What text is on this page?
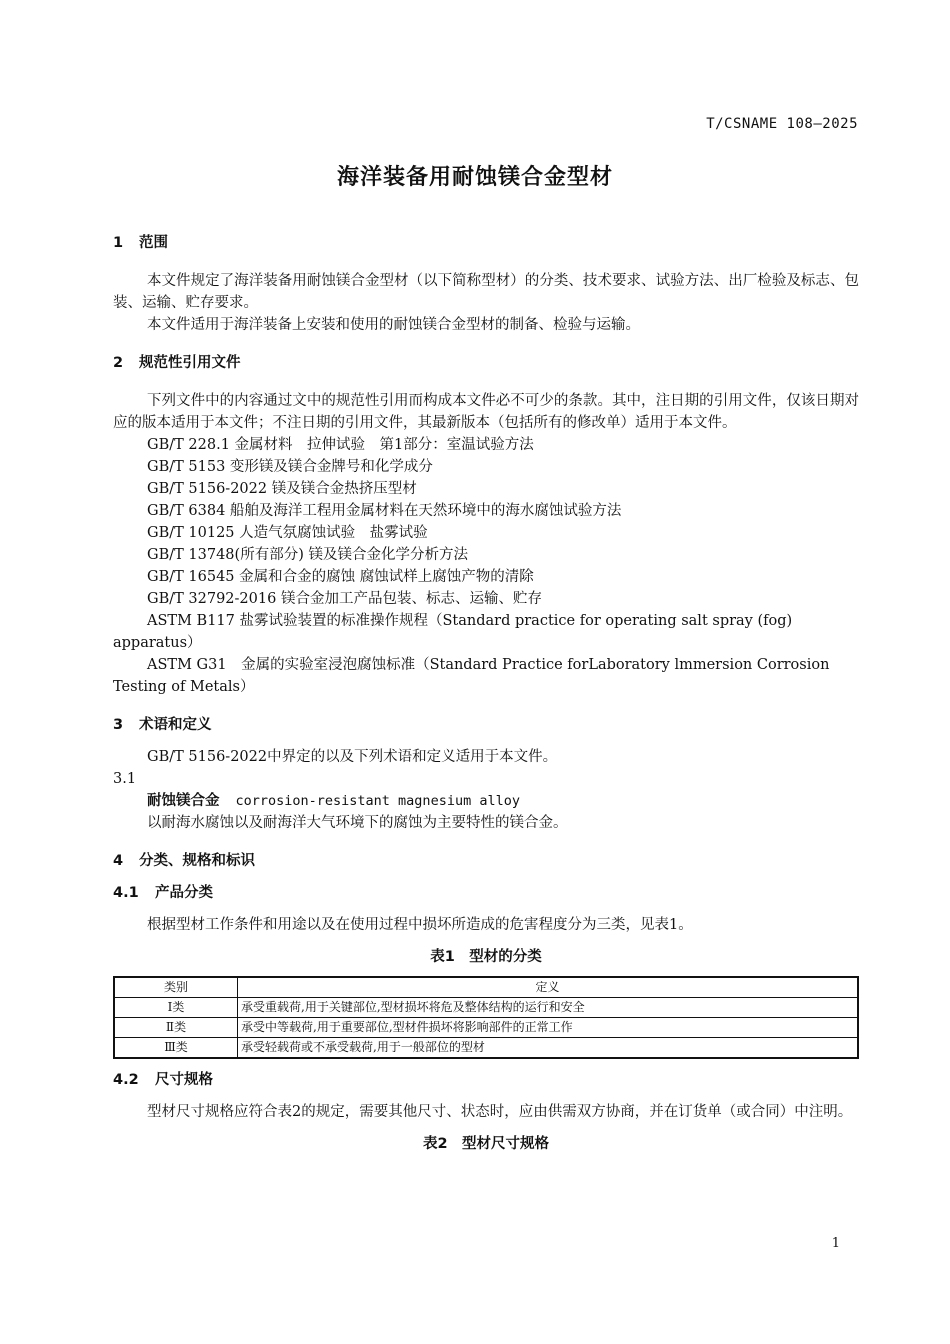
T/CSNAME 108—2025
海洋装备用耐蚀镁合金型材

1 范围

本文件规定了海洋装备用耐蚀镁合金型材（以下简称型材）的分类、技术要求、试验方法、出厂检验及标志、包装、运输、贮存要求。

本文件适用于海洋装备上安装和使用的耐蚀镁合金型材的制备、检验与运输。

2 规范性引用文件

下列文件中的内容通过文中的规范性引用而构成本文件必不可少的条款。其中，注日期的引用文件，仅该日期对应的版本适用于本文件；不注日期的引用文件，其最新版本（包括所有的修改单）适用于本文件。

GB/T 228.1 金属材料　拉伸试验　第1部分：室温试验方法

GB/T 5153 变形镁及镁合金牌号和化学成分

GB/T 5156-2022 镁及镁合金热挤压型材

GB/T 6384 船舶及海洋工程用金属材料在天然环境中的海水腐蚀试验方法

GB/T 10125 人造气氛腐蚀试验　盐雾试验

GB/T 13748(所有部分) 镁及镁合金化学分析方法

GB/T 16545 金属和合金的腐蚀 腐蚀试样上腐蚀产物的清除

GB/T 32792-2016 镁合金加工产品包装、标志、运输、贮存

ASTM B117 盐雾试验装置的标准操作规程（Standard practice for operating salt spray (fog) apparatus）

ASTM G31　金属的实验室浸泡腐蚀标准（Standard Practice forLaboratory lmmersion Corrosion Testing of Metals）

3 术语和定义

GB/T 5156-2022中界定的以及下列术语和定义适用于本文件。

3.1

耐蚀镁合金 corrosion-resistant magnesium alloy

以耐海水腐蚀以及耐海洋大气环境下的腐蚀为主要特性的镁合金。

4 分类、规格和标识

4.1 产品分类

根据型材工作条件和用途以及在使用过程中损坏所造成的危害程度分为三类，见表1。

表1　型材的分类

类别	定义
Ⅰ类	承受重载荷,用于关键部位,型材损坏将危及整体结构的运行和安全
Ⅱ类	承受中等载荷,用于重要部位,型材件损坏将影响部件的正常工作
Ⅲ类	承受轻载荷或不承受载荷,用于一般部位的型材

4.2 尺寸规格

型材尺寸规格应符合表2的规定，需要其他尺寸、状态时，应由供需双方协商，并在订货单（或合同）中注明。

表2　型材尺寸规格

1
